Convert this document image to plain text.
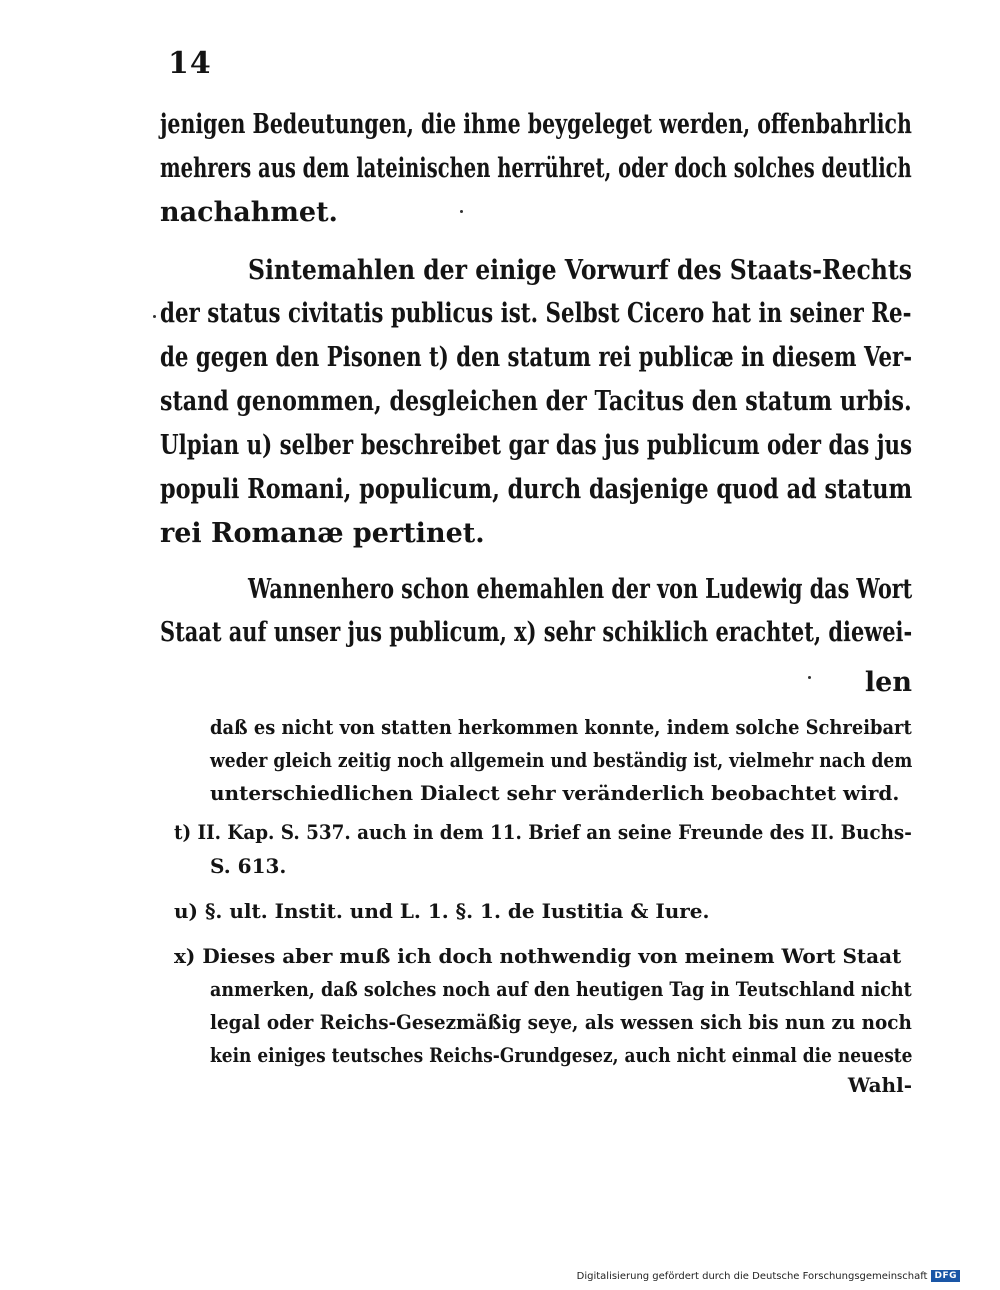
14
jenigen Bedeutungen, die ihme beygeleget werden, offenbahrlich
mehrers aus dem lateinischen herrühret, oder doch solches deutlich
nachahmet.
Sintemahlen der einige Vorwurf des Staats-Rechts
der status civitatis publicus ist. Selbst Cicero hat in seiner Re-
de gegen den Pisonen t) den statum rei publicæ in diesem Ver-
stand genommen, desgleichen der Tacitus den statum urbis.
Ulpian u) selber beschreibet gar das jus publicum oder das jus
populi Romani, populicum, durch dasjenige quod ad statum
rei Romanæ pertinet.
Wannenhero schon ehemahlen der von Ludewig das Wort
Staat auf unser jus publicum, x) sehr schiklich erachtet, diewei-
len
daß es nicht von statten herkommen konnte, indem solche Schreibart
weder gleich zeitig noch allgemein und beständig ist, vielmehr nach dem
unterschiedlichen Dialect sehr veränderlich beobachtet wird.
t) II. Kap. S. 537. auch in dem 11. Brief an seine Freunde des II. Buchs-
S. 613.
u) §. ult. Instit. und L. 1. §. 1. de Iustitia & Iure.
x) Dieses aber muß ich doch nothwendig von meinem Wort Staat
anmerken, daß solches noch auf den heutigen Tag in Teutschland nicht
legal oder Reichs-Gesezmäßig seye, als wessen sich bis nun zu noch
kein einiges teutsches Reichs-Grundgesez, auch nicht einmal die neueste
Wahl-
Digitalisierung gefördert durch die Deutsche Forschungsgemeinschaft DFG
